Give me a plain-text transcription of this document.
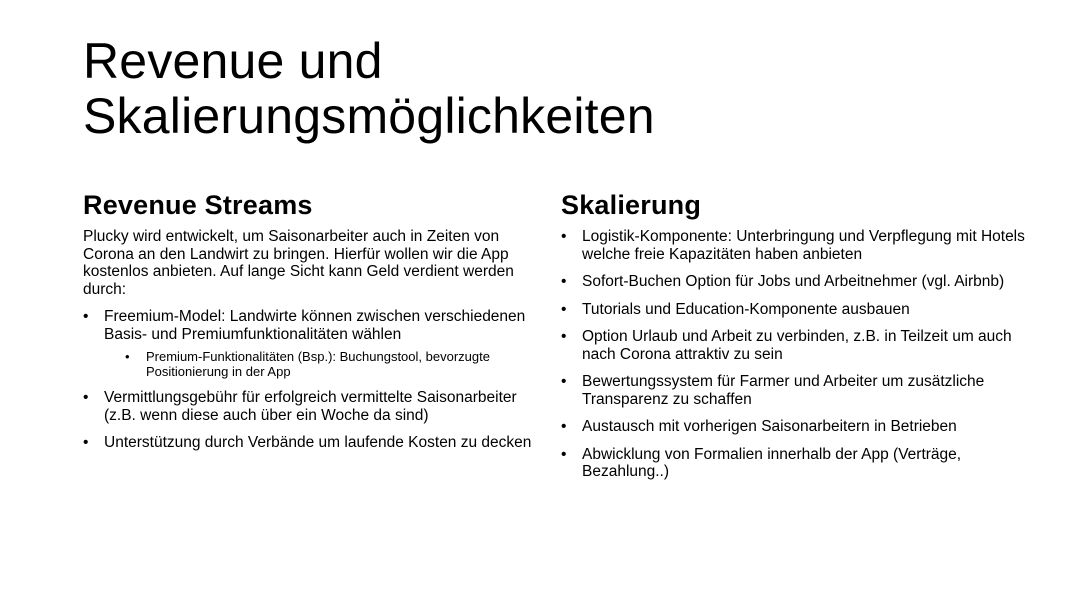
Revenue und
Skalierungsmöglichkeiten
Revenue Streams

Plucky wird entwickelt, um Saisonarbeiter auch in Zeiten von Corona an den Landwirt zu bringen. Hierfür wollen wir die App kostenlos anbieten. Auf lange Sicht kann Geld verdient werden durch:

• Freemium-Model: Landwirte können zwischen verschiedenen Basis- und Premiumfunktionalitäten wählen
• Premium-Funktionalitäten (Bsp.): Buchungstool, bevorzugte Positionierung in der App
• Vermittlungsgebühr für erfolgreich vermittelte Saisonarbeiter (z.B. wenn diese auch über ein Woche da sind)
• Unterstützung durch Verbände um laufende Kosten zu decken
Skalierung
• Logistik-Komponente: Unterbringung und Verpflegung mit Hotels welche freie Kapazitäten haben anbieten
• Sofort-Buchen Option für Jobs und Arbeitnehmer (vgl. Airbnb)
• Tutorials und Education-Komponente ausbauen
• Option Urlaub und Arbeit zu verbinden, z.B. in Teilzeit um auch nach Corona attraktiv zu sein
• Bewertungssystem für Farmer und Arbeiter um zusätzliche Transparenz zu schaffen
• Austausch mit vorherigen Saisonarbeitern in Betrieben
• Abwicklung von Formalien innerhalb der App (Verträge, Bezahlung..)
